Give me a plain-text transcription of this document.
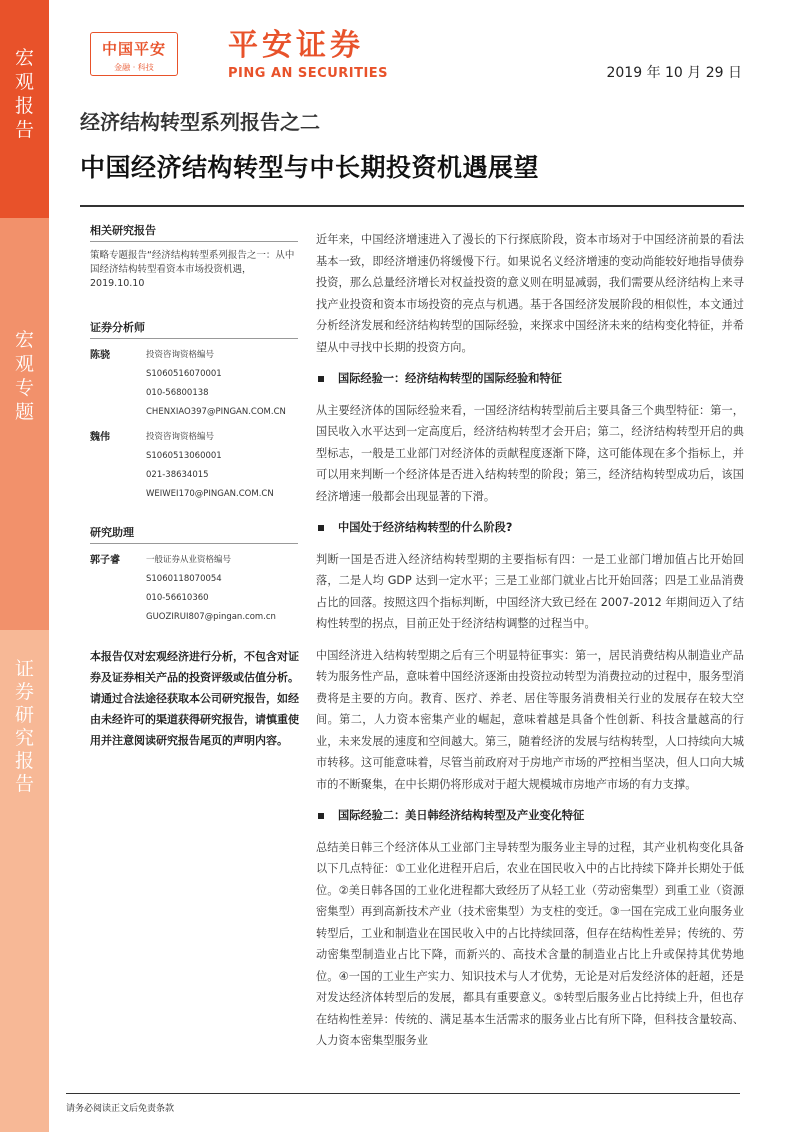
宏观报告
宏观专题
证券研究报告
中国平安
金融 · 科技
平安证券
PING AN SECURITIES	2019 年 10 月 29 日
经济结构转型系列报告之二
中国经济结构转型与中长期投资机遇展望
相关研究报告
策略专题报告“经济结构转型系列报告之一：从中国经济结构转型看资本市场投资机遇，2019.10.10
证券分析师
陈骁	投资咨询资格编号
S1060516070001
010-56800138
CHENXIAO397@PINGAN.COM.CN
魏伟	投资咨询资格编号
S1060513060001
021-38634015
WEIWEI170@PINGAN.COM.CN
研究助理
郭子睿	一般证券从业资格编号
S1060118070054
010-56610360
GUOZIRUI807@pingan.com.cn
本报告仅对宏观经济进行分析，不包含对证券及证券相关产品的投资评级或估值分析。
请通过合法途径获取本公司研究报告，如经由未经许可的渠道获得研究报告，请慎重使用并注意阅读研究报告尾页的声明内容。

近年来，中国经济增速进入了漫长的下行探底阶段，资本市场对于中国经济前景的看法基本一致，即经济增速仍将缓慢下行。如果说名义经济增速的变动尚能较好地指导债券投资，那么总量经济增长对权益投资的意义则在明显减弱，我们需要从经济结构上来寻找产业投资和资本市场投资的亮点与机遇。基于各国经济发展阶段的相似性，本文通过分析经济发展和经济结构转型的国际经验，来探求中国经济未来的结构变化特征，并希望从中寻找中长期的投资方向。

国际经验一：经济结构转型的国际经验和特征

从主要经济体的国际经验来看，一国经济结构转型前后主要具备三个典型特征：第一，国民收入水平达到一定高度后，经济结构转型才会开启；第二，经济结构转型开启的典型标志，一般是工业部门对经济体的贡献程度逐渐下降，这可能体现在多个指标上，并可以用来判断一个经济体是否进入结构转型的阶段；第三，经济结构转型成功后，该国经济增速一般都会出现显著的下滑。

中国处于经济结构转型的什么阶段?

判断一国是否进入经济结构转型期的主要指标有四：一是工业部门增加值占比开始回落，二是人均 GDP 达到一定水平；三是工业部门就业占比开始回落；四是工业品消费占比的回落。按照这四个指标判断，中国经济大致已经在 2007-2012 年期间迈入了结构性转型的拐点，目前正处于经济结构调整的过程当中。

中国经济进入结构转型期之后有三个明显特征事实：第一，居民消费结构从制造业产品转为服务性产品，意味着中国经济逐渐由投资拉动转型为消费拉动的过程中，服务型消费将是主要的方向。教育、医疗、养老、居住等服务消费相关行业的发展存在较大空间。第二，人力资本密集产业的崛起，意味着越是具备个性创新、科技含量越高的行业，未来发展的速度和空间越大。第三，随着经济的发展与结构转型，人口持续向大城市转移。这可能意味着，尽管当前政府对于房地产市场的严控相当坚决，但人口向大城市的不断聚集，在中长期仍将形成对于超大规模城市房地产市场的有力支撑。

国际经验二：美日韩经济结构转型及产业变化特征

总结美日韩三个经济体从工业部门主导转型为服务业主导的过程，其产业机构变化具备以下几点特征：①工业化进程开启后，农业在国民收入中的占比持续下降并长期处于低位。②美日韩各国的工业化进程都大致经历了从轻工业（劳动密集型）到重工业（资源密集型）再到高新技术产业（技术密集型）为支柱的变迁。③一国在完成工业向服务业转型后，工业和制造业在国民收入中的占比持续回落，但存在结构性差异；传统的、劳动密集型制造业占比下降，而新兴的、高技术含量的制造业占比上升或保持其优势地位。④一国的工业生产实力、知识技术与人才优势，无论是对后发经济体的赶超，还是对发达经济体转型后的发展，都具有重要意义。⑤转型后服务业占比持续上升，但也存在结构性差异：传统的、满足基本生活需求的服务业占比有所下降，但科技含量较高、人力资本密集型服务业

请务必阅读正文后免责条款
